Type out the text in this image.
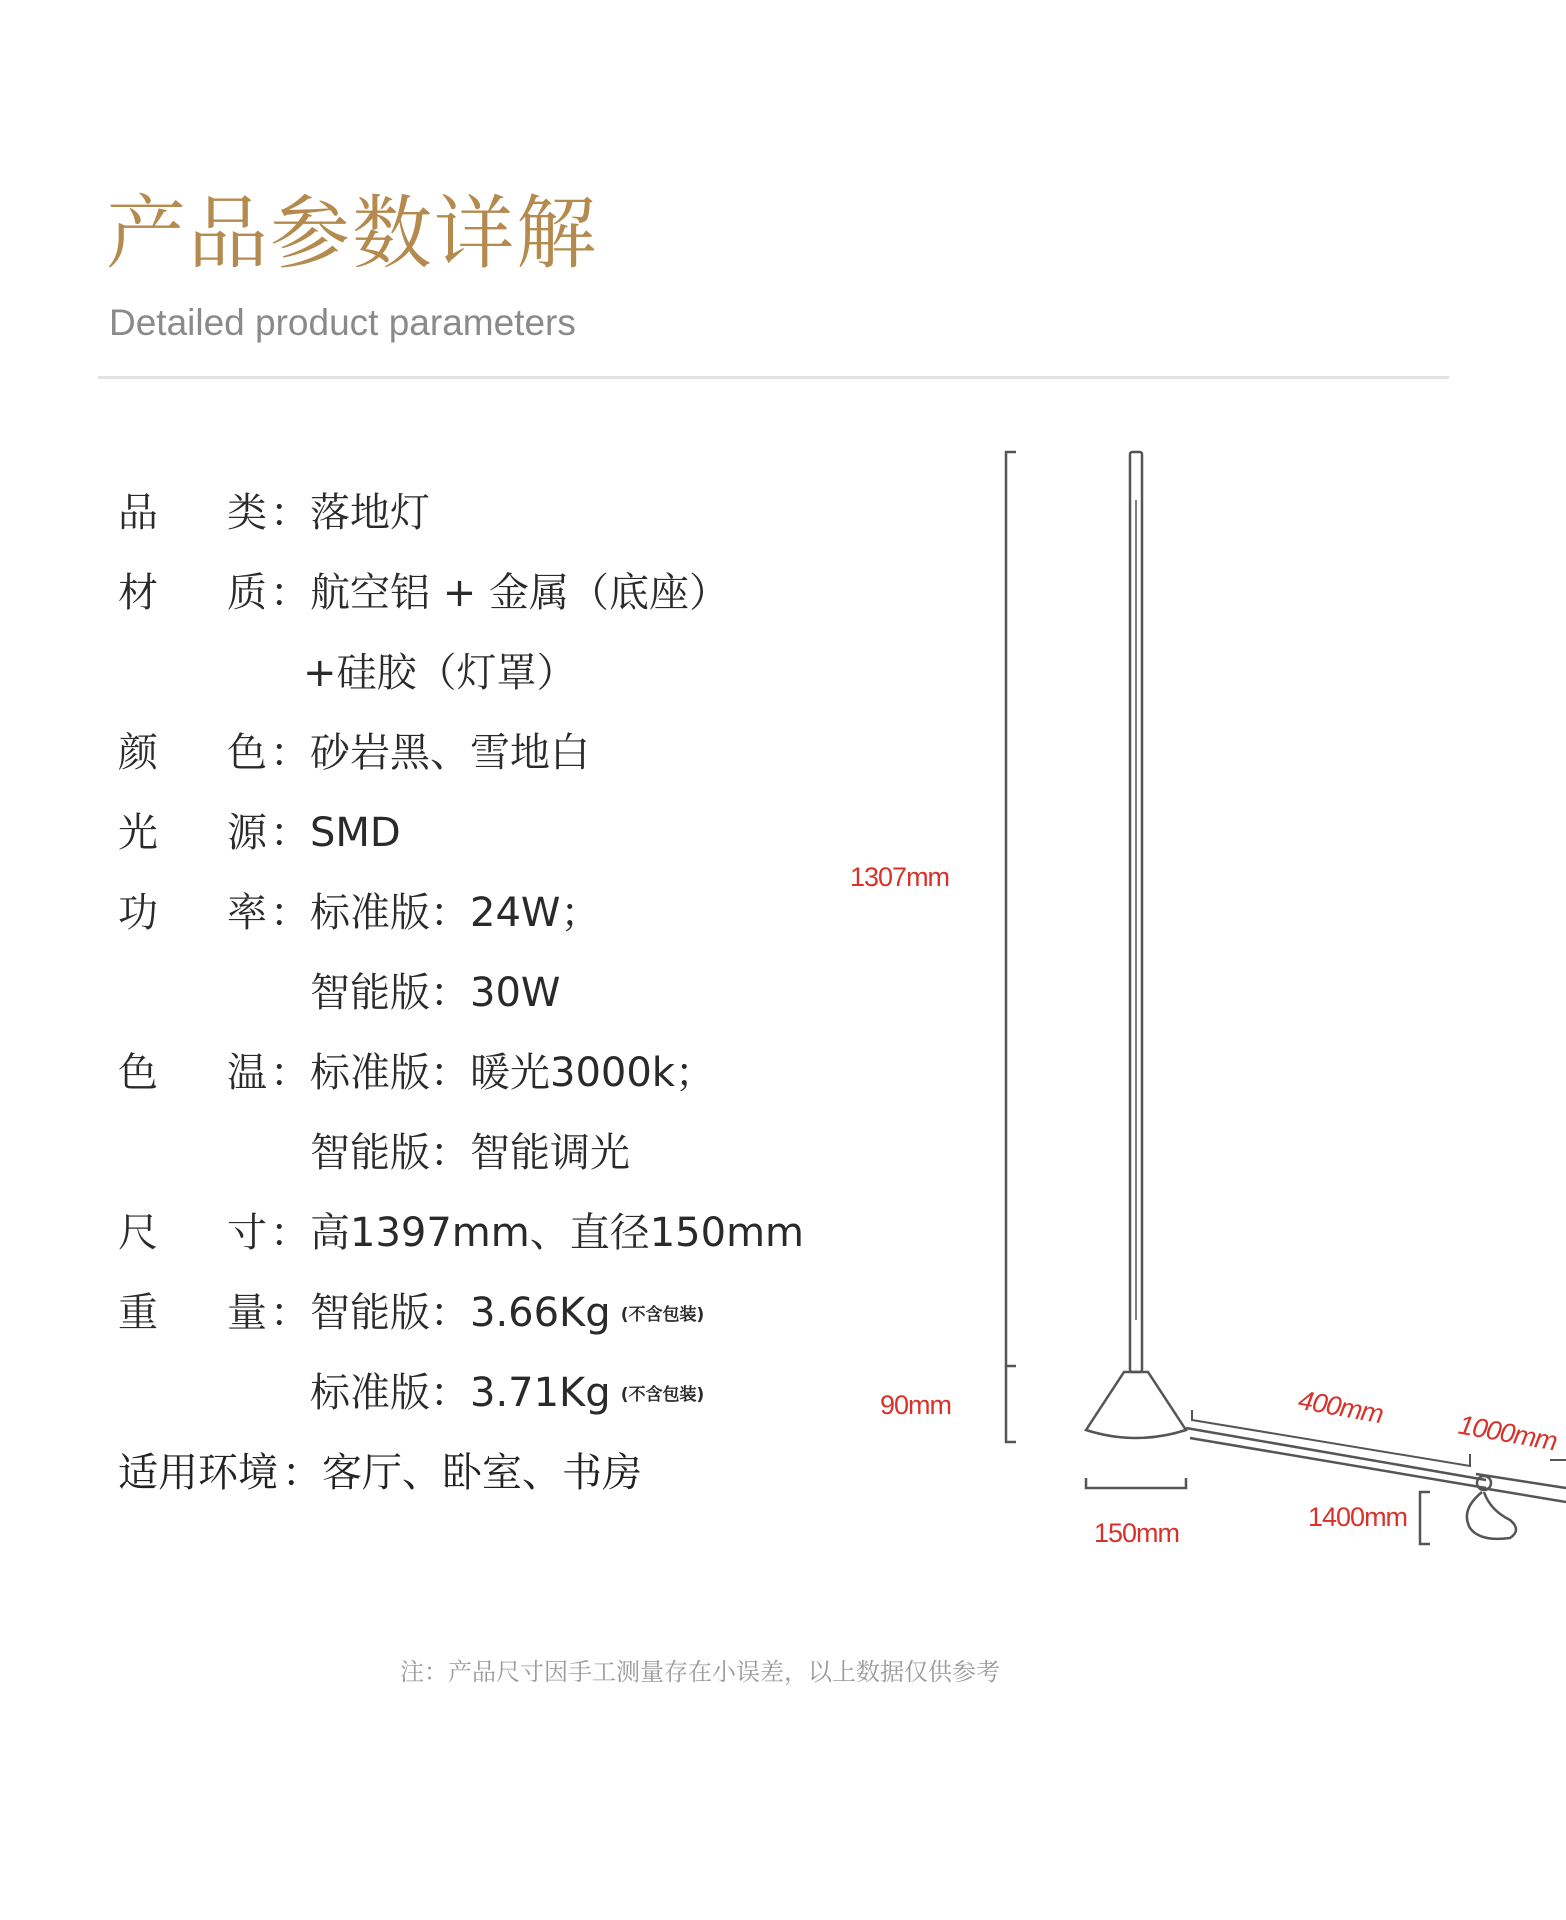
产品参数详解
Detailed product parameters
品 类 ： 落地灯
材 质 ： 航空铝 + 金属（底座）
+硅胶（灯罩）
颜 色 ： 砂岩黑、雪地白
光 源 ： SMD
功 率 ： 标准版：24W；
智能版：30W
色 温 ： 标准版：暖光3000k；
智能版：智能调光
尺 寸 ： 高1397mm、直径150mm
重 量 ： 智能版：3.66Kg (不含包装)
标准版：3.71Kg (不含包装)
适用环境 ： 客厅、卧室、书房
1307mm
90mm
150mm
400mm
1000mm
1400mm
注：产品尺寸因手工测量存在小误差，以上数据仅供参考
